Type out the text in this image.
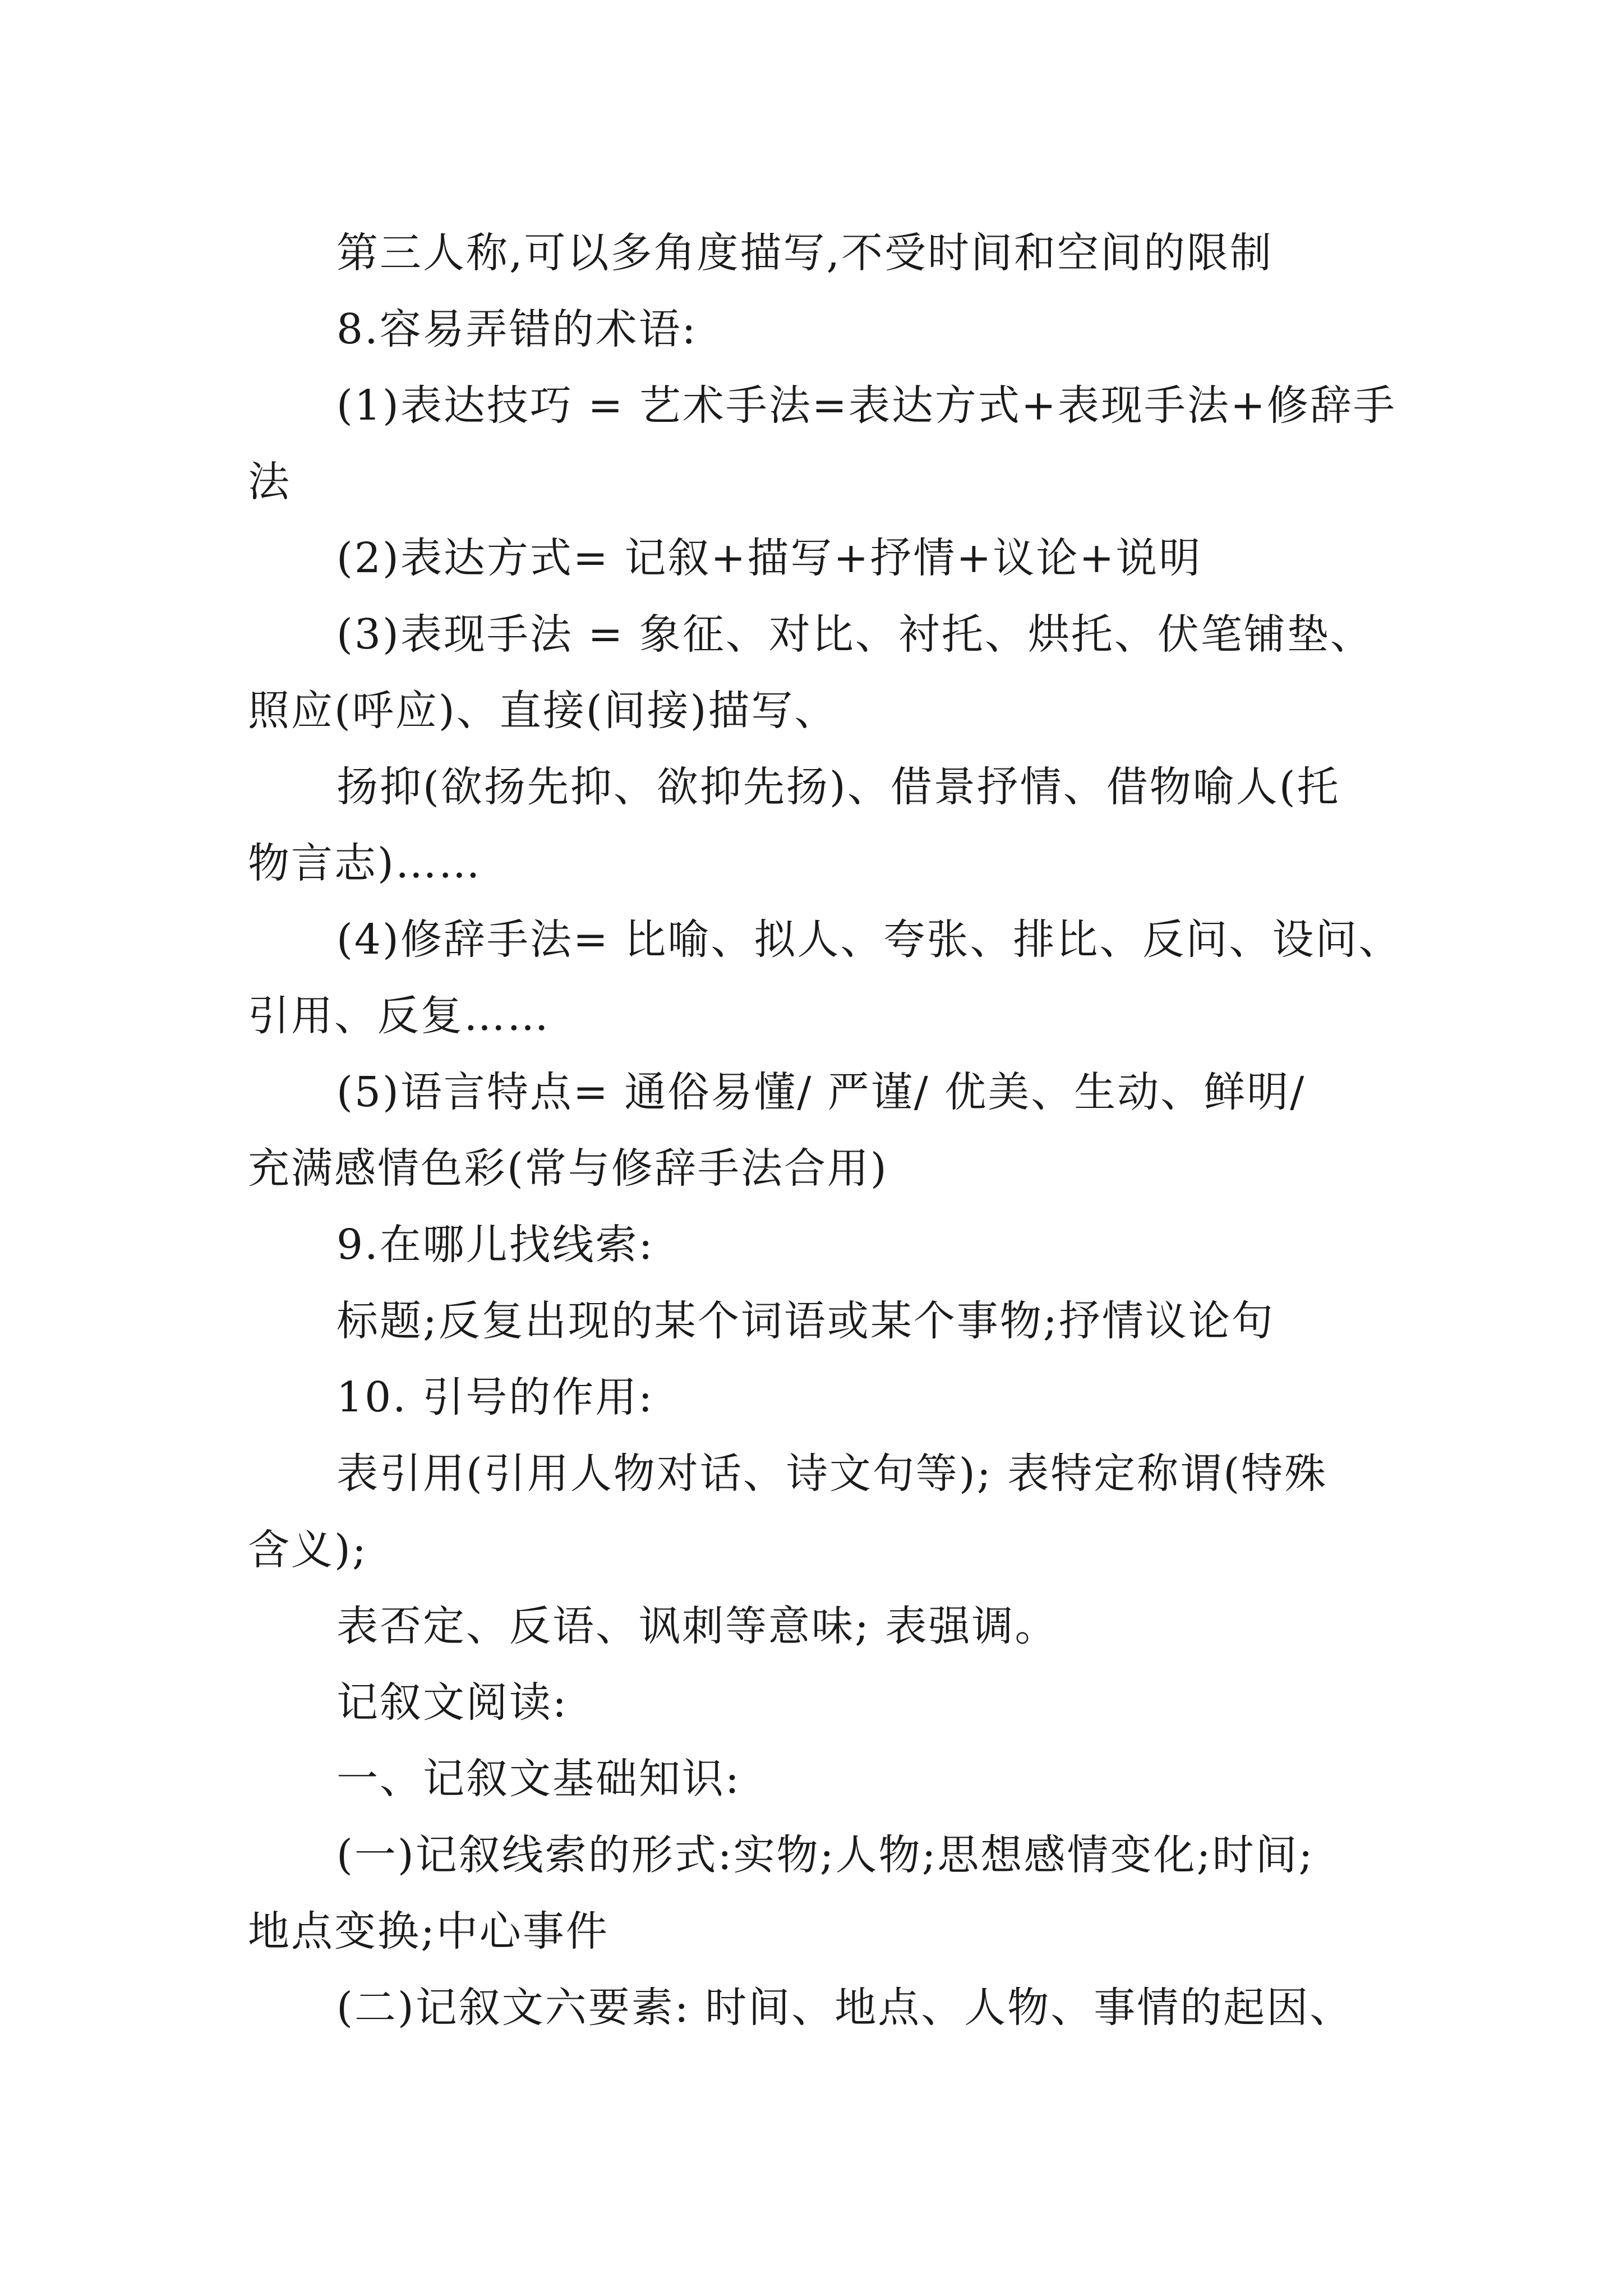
第三人称,可以多角度描写,不受时间和空间的限制
8.容易弄错的术语:
(1)表达技巧 = 艺术手法=表达方式+表现手法+修辞手
法
(2)表达方式= 记叙+描写+抒情+议论+说明
(3)表现手法 = 象征、对比、衬托、烘托、伏笔铺垫、
照应(呼应)、直接(间接)描写、
扬抑(欲扬先抑、欲抑先扬)、借景抒情、借物喻人(托
物言志)……
(4)修辞手法= 比喻、拟人、夸张、排比、反问、设问、
引用、反复……
(5)语言特点= 通俗易懂/ 严谨/ 优美、生动、鲜明/
充满感情色彩(常与修辞手法合用)
9.在哪儿找线索:
标题;反复出现的某个词语或某个事物;抒情议论句
10. 引号的作用:
表引用(引用人物对话、诗文句等); 表特定称谓(特殊
含义);
表否定、反语、讽刺等意味; 表强调。
记叙文阅读:
一、记叙文基础知识:
(一)记叙线索的形式:实物;人物;思想感情变化;时间;
地点变换;中心事件
(二)记叙文六要素: 时间、地点、人物、事情的起因、
